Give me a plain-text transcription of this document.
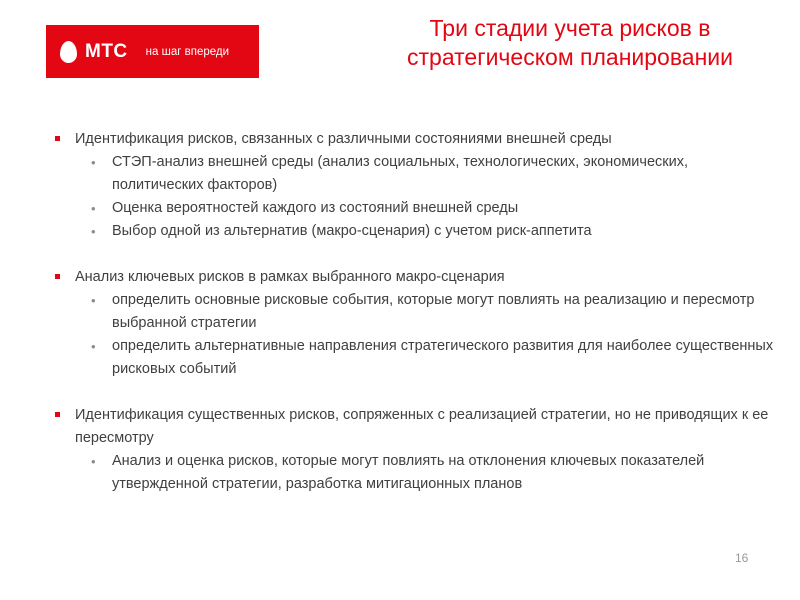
МТС на шаг впереди
Три стадии учета рисков в
стратегическом планировании
Идентификация рисков, связанных с различными состояниями внешней среды
• СТЭП-анализ внешней среды (анализ социальных, технологических, экономических, политических факторов)
• Оценка вероятностей каждого из состояний внешней среды
• Выбор одной из альтернатив (макро-сценария) с учетом риск-аппетита
Анализ ключевых рисков в рамках выбранного макро-сценария
• определить основные рисковые события, которые могут повлиять на реализацию и пересмотр выбранной стратегии
• определить альтернативные направления стратегического развития для наиболее существенных рисковых событий
Идентификация существенных рисков, сопряженных с реализацией стратегии, но не приводящих к ее пересмотру
• Анализ и оценка рисков, которые могут повлиять на отклонения ключевых показателей утвержденной стратегии, разработка митигационных планов
16
